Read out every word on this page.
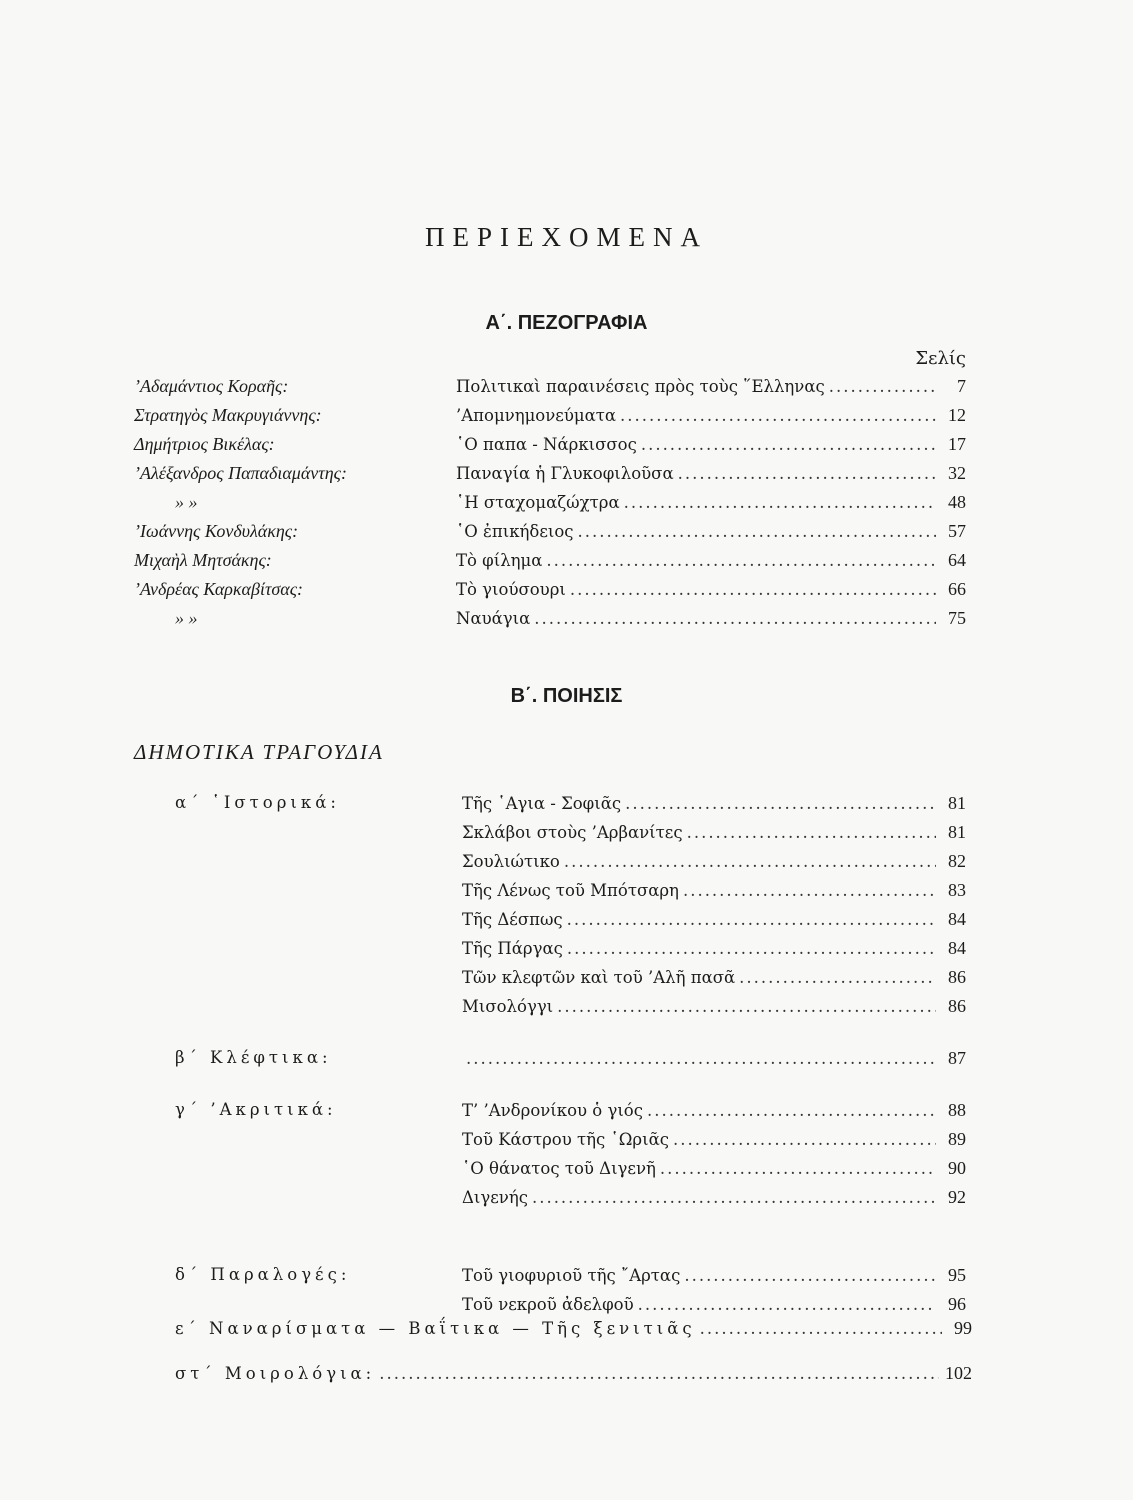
ΠΕΡΙΕΧΟΜΕΝΑ
Α΄. ΠΕΖΟΓΡΑΦΙΑ
Σελίς
’Αδαμάντιος Κοραῆς:	Πολιτικαὶ παραινέσεις πρὸς τοὺς ῞Ελληνας .....	7
Στρατηγὸς Μακρυγιάννης:	’Απομνημονεύματα .....	12
Δημήτριος Βικέλας:	῾Ο παπα - Νάρκισσος .....	17
’Αλέξανδρος Παπαδιαμάντης:	Παναγία ἡ Γλυκοφιλοῦσα .....	32
» »	῾Η σταχομαζώχτρα .....	48
’Ιωάννης Κονδυλάκης:	῾Ο ἐπικήδειος .....	57
Μιχαὴλ Μητσάκης:	Τὸ φίλημα .....	64
’Ανδρέας Καρκαβίτσας:	Τὸ γιούσουρι .....	66
» »	Ναυάγια .....	75
Β΄. ΠΟΙΗΣΙΣ
ΔΗΜΟΤΙΚΑ ΤΡΑΓΟΥΔΙΑ
α΄ ῾Ιστορικά:	Τῆς ῾Αγια - Σοφιᾶς .....	81
Σκλάβοι στοὺς ’Αρβανίτες .....	81
Σουλιώτικο .....	82
Τῆς Λένως τοῦ Μπότσαρη .....	83
Τῆς Δέσπως .....	84
Τῆς Πάργας .....	84
Τῶν κλεφτῶν καὶ τοῦ ’Αλῆ πασᾶ .....	86
Μισολόγγι .....	86
β΄ Κλέφτικα: .....	87
γ΄ ’Ακριτικά:	Τ’ ’Ανδρονίκου ὁ γιός .....	88
Τοῦ Κάστρου τῆς ῾Ωριᾶς .....	89
῾Ο θάνατος τοῦ Διγενῆ .....	90
Διγενής .....	92
δ΄ Παραλογές:	Τοῦ γιοφυριοῦ τῆς ῎Αρτας .....	95
Τοῦ νεκροῦ ἀδελφοῦ .....	96
ε΄ Ναναρίσματα — Βαΐτικα — Τῆς ξενιτιᾶς .....	99
στ΄ Μοιρολόγια: .....	102
